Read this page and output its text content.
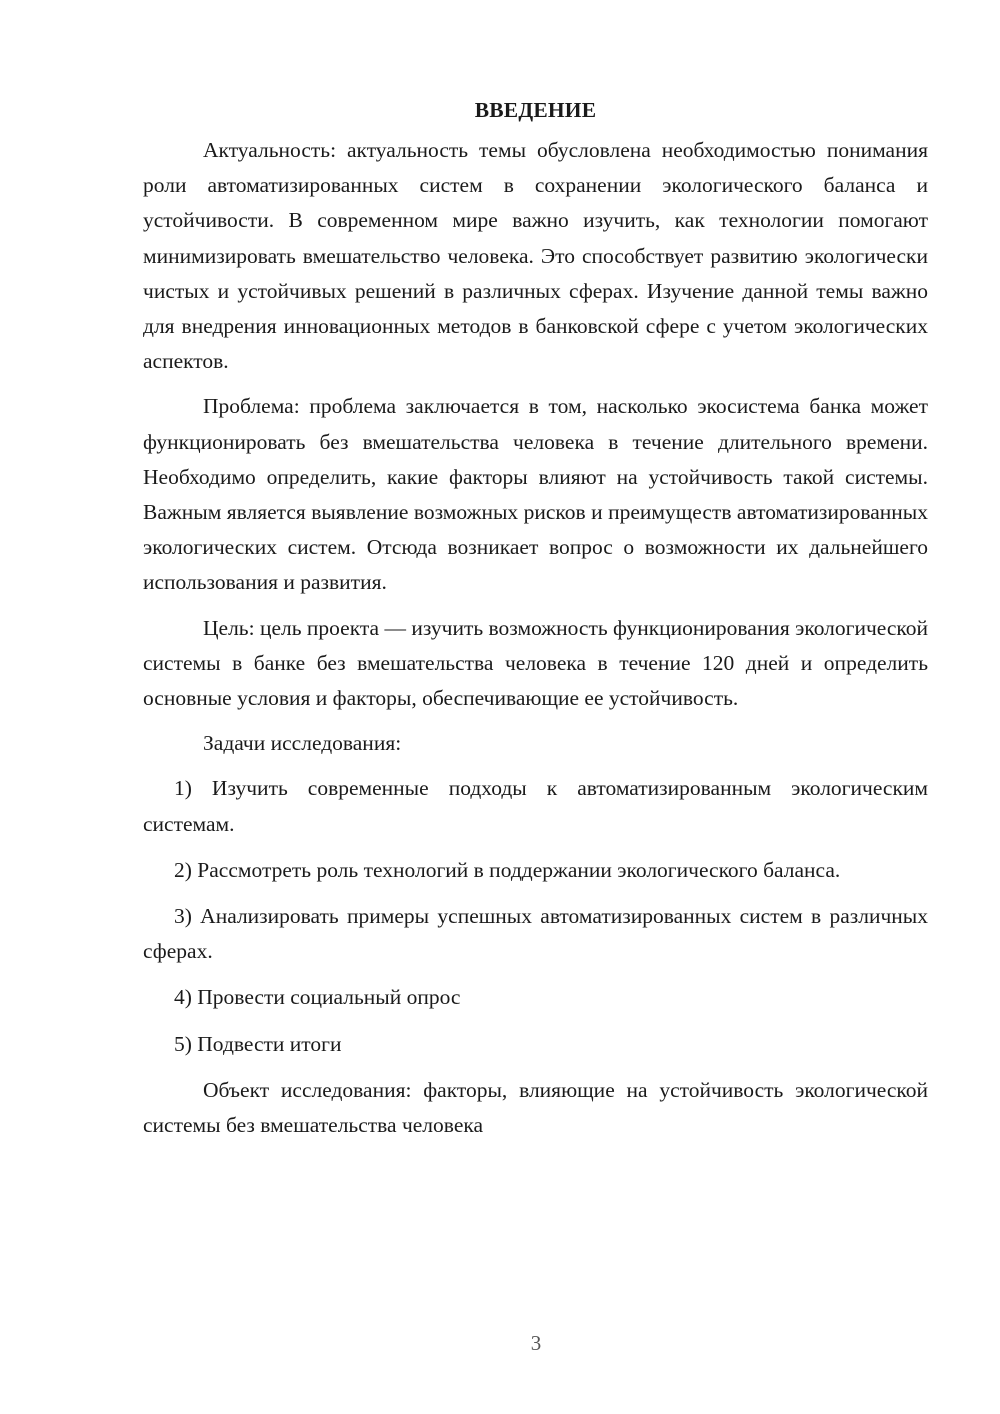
ВВЕДЕНИЕ

Актуальность: актуальность темы обусловлена необходимостью понимания роли автоматизированных систем в сохранении экологического баланса и устойчивости. В современном мире важно изучить, как технологии помогают минимизировать вмешательство человека. Это способствует развитию экологически чистых и устойчивых решений в различных сферах. Изучение данной темы важно для внедрения инновационных методов в банковской сфере с учетом экологических аспектов.

Проблема: проблема заключается в том, насколько экосистема банка может функционировать без вмешательства человека в течение длительного времени. Необходимо определить, какие факторы влияют на устойчивость такой системы. Важным является выявление возможных рисков и преимуществ автоматизированных экологических систем. Отсюда возникает вопрос о возможности их дальнейшего использования и развития.

Цель: цель проекта — изучить возможность функционирования экологической системы в банке без вмешательства человека в течение 120 дней и определить основные условия и факторы, обеспечивающие ее устойчивость.

Задачи исследования:

1) Изучить современные подходы к автоматизированным экологическим системам.

2) Рассмотреть роль технологий в поддержании экологического баланса.

3) Анализировать примеры успешных автоматизированных систем в различных сферах.

4) Провести социальный опрос

5) Подвести итоги

Объект исследования: факторы, влияющие на устойчивость экологической системы без вмешательства человека

3
